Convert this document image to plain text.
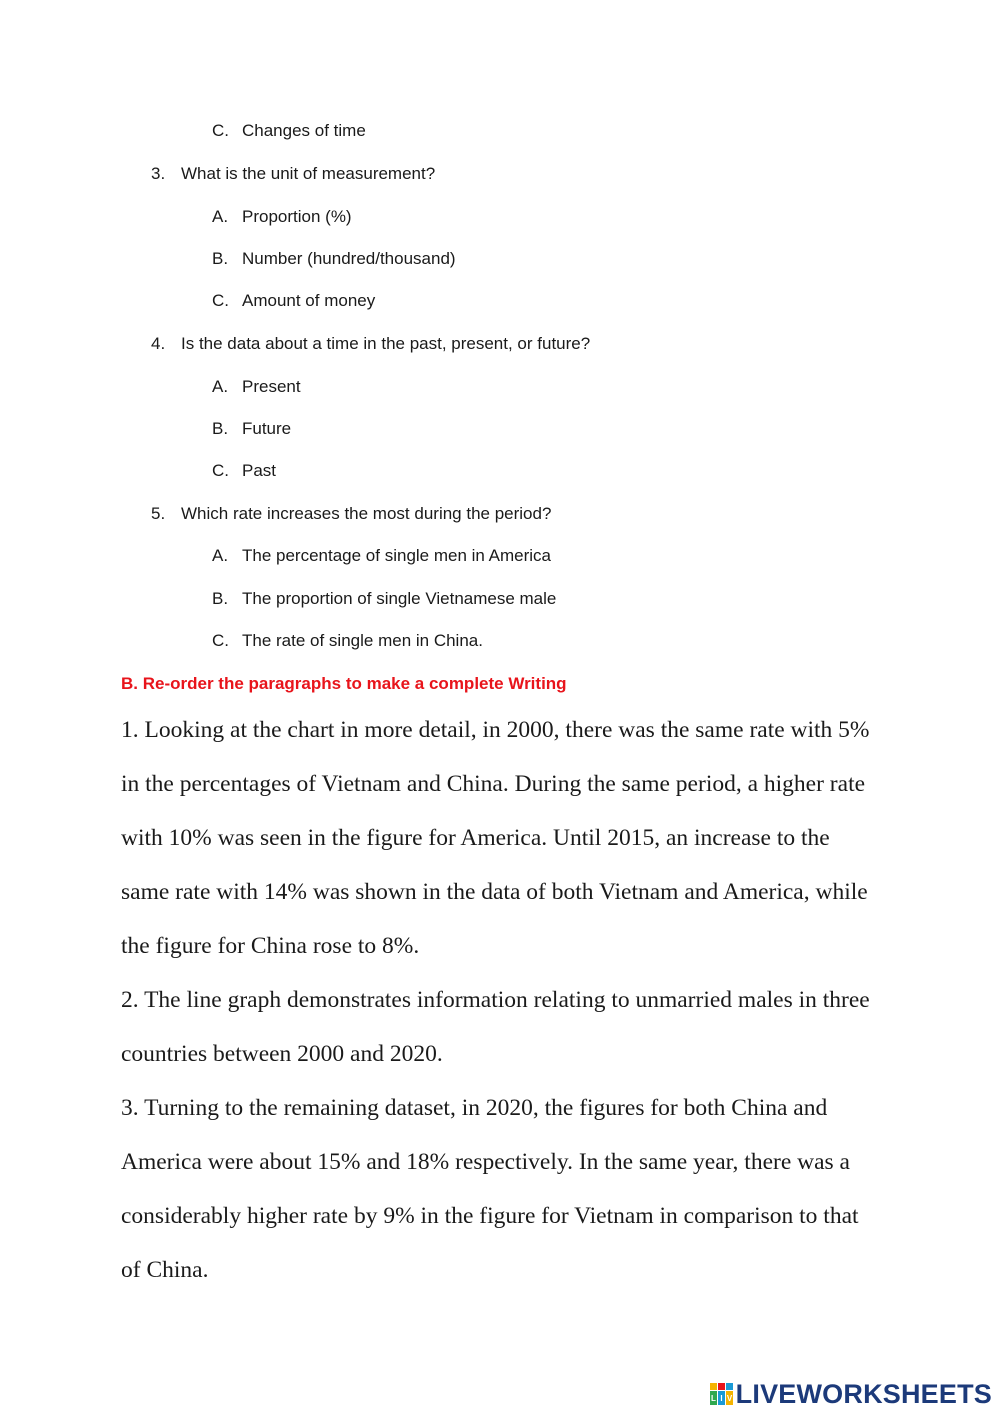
C. Changes of time
3. What is the unit of measurement?
A. Proportion (%)
B. Number (hundred/thousand)
C. Amount of money
4. Is the data about a time in the past, present, or future?
A. Present
B. Future
C. Past
5. Which rate increases the most during the period?
A. The percentage of single men in America
B. The proportion of single Vietnamese male
C. The rate of single men in China.
B. Re-order the paragraphs to make a complete Writing
1. Looking at the chart in more detail, in 2000, there was the same rate with 5%
in the percentages of Vietnam and China. During the same period, a higher rate
with 10% was seen in the figure for America. Until 2015, an increase to the
same rate with 14% was shown in the data of both Vietnam and America, while
the figure for China rose to 8%.
2. The line graph demonstrates information relating to unmarried males in three
countries between 2000 and 2020.
3. Turning to the remaining dataset, in 2020, the figures for both China and
America were about 15% and 18% respectively. In the same year, there was a
considerably higher rate by 9% in the figure for Vietnam in comparison to that
of China.
L I V LIVEWORKSHEETS
